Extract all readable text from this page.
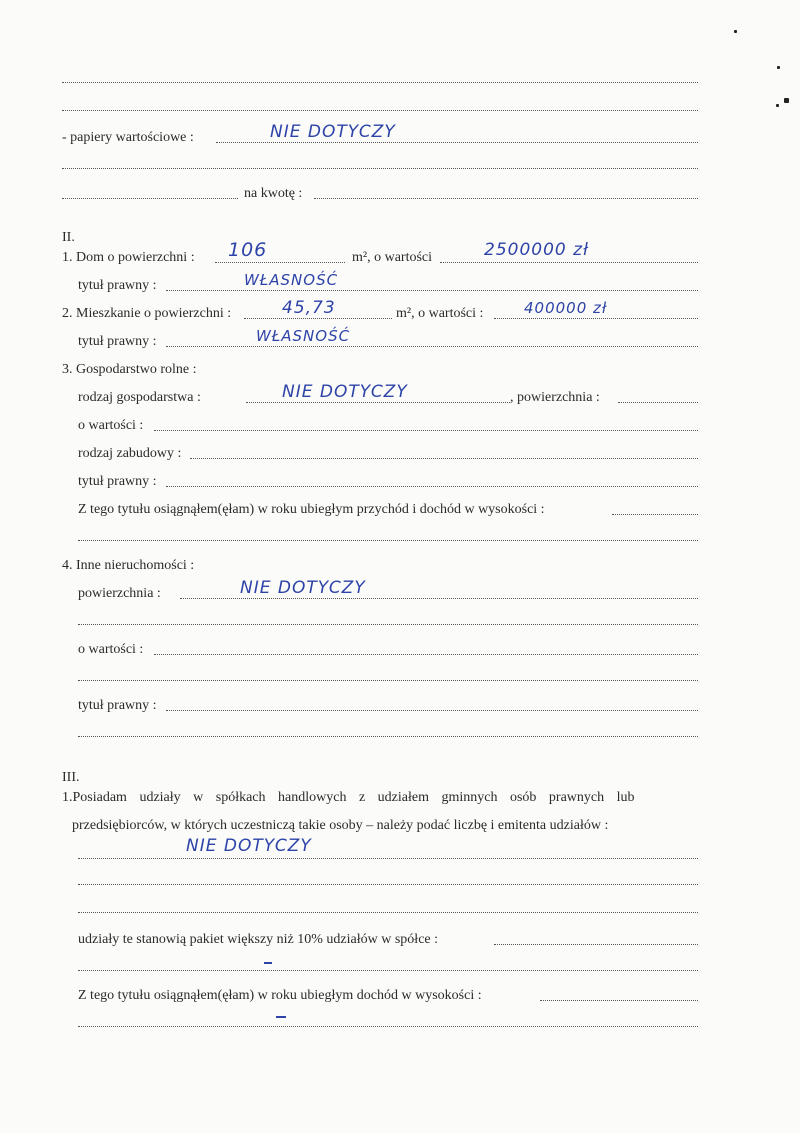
- papiery wartościowe :	NIE DOTYCZY
na kwotę :
II.
1. Dom o powierzchni : 106	m², o wartości	2500000 zł
tytuł prawny :	WŁASNOŚĆ
2. Mieszkanie o powierzchni :	45,73	m², o wartości :	400000 zł
tytuł prawny :	WŁASNOŚĆ
3. Gospodarstwo rolne :
rodzaj gospodarstwa :	NIE DOTYCZY	, powierzchnia :
o wartości :
rodzaj zabudowy :
tytuł prawny :
Z tego tytułu osiągnąłem(ęłam) w roku ubiegłym przychód i dochód w wysokości :
4. Inne nieruchomości :
powierzchnia :	NIE DOTYCZY
o wartości :
tytuł prawny :
III.
1.Posiadam udziały w spółkach handlowych z udziałem gminnych osób prawnych lub
przedsiębiorców, w których uczestniczą takie osoby – należy podać liczbę i emitenta udziałów :
NIE DOTYCZY
udziały te stanowią pakiet większy niż 10% udziałów w spółce :
Z tego tytułu osiągnąłem(ęłam) w roku ubiegłym dochód w wysokości :
